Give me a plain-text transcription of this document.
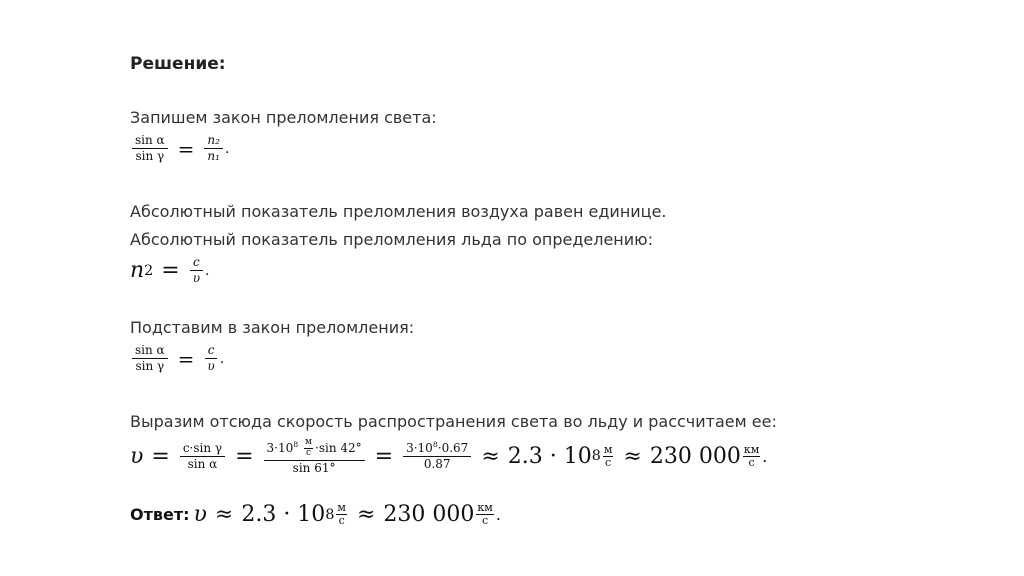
Решение:
Запишем закон преломления света:
$\frac{\text{sin α}}{\text{sin γ}} = \frac{\text{n₂}}{\text{n₁}}$ .
Абсолютный показатель преломления воздуха равен единице.
Абсолютный показатель преломления льда по определению:
n $2 = \frac{c}{\upsilon}$ .
Подставим в закон преломления:
$\frac{\text{sin α}}{\text{sin γ}} = \frac{c}{\upsilon}$ .
Выразим отсюда скорость распространения света во льду и рассчитаем ее:
$\upsilon = \frac{\text{c·sin γ}}{\text{sin α}} = \frac{3\cdot 10^8 \frac{м}{с} \cdot\sin 42^\circ}{\sin 61^\circ} = \frac{3\cdot 10^8\cdot 0.67}{0.87} \approx 2.3 \cdot 10$ $8 \frac{м}{с} \approx 230$ $000 \frac{км}{с}$ .
Ответ: υ ≈ 2.3 · 10 $8 \frac{м}{с} \approx 230$ $000 \frac{км}{с}$ .
